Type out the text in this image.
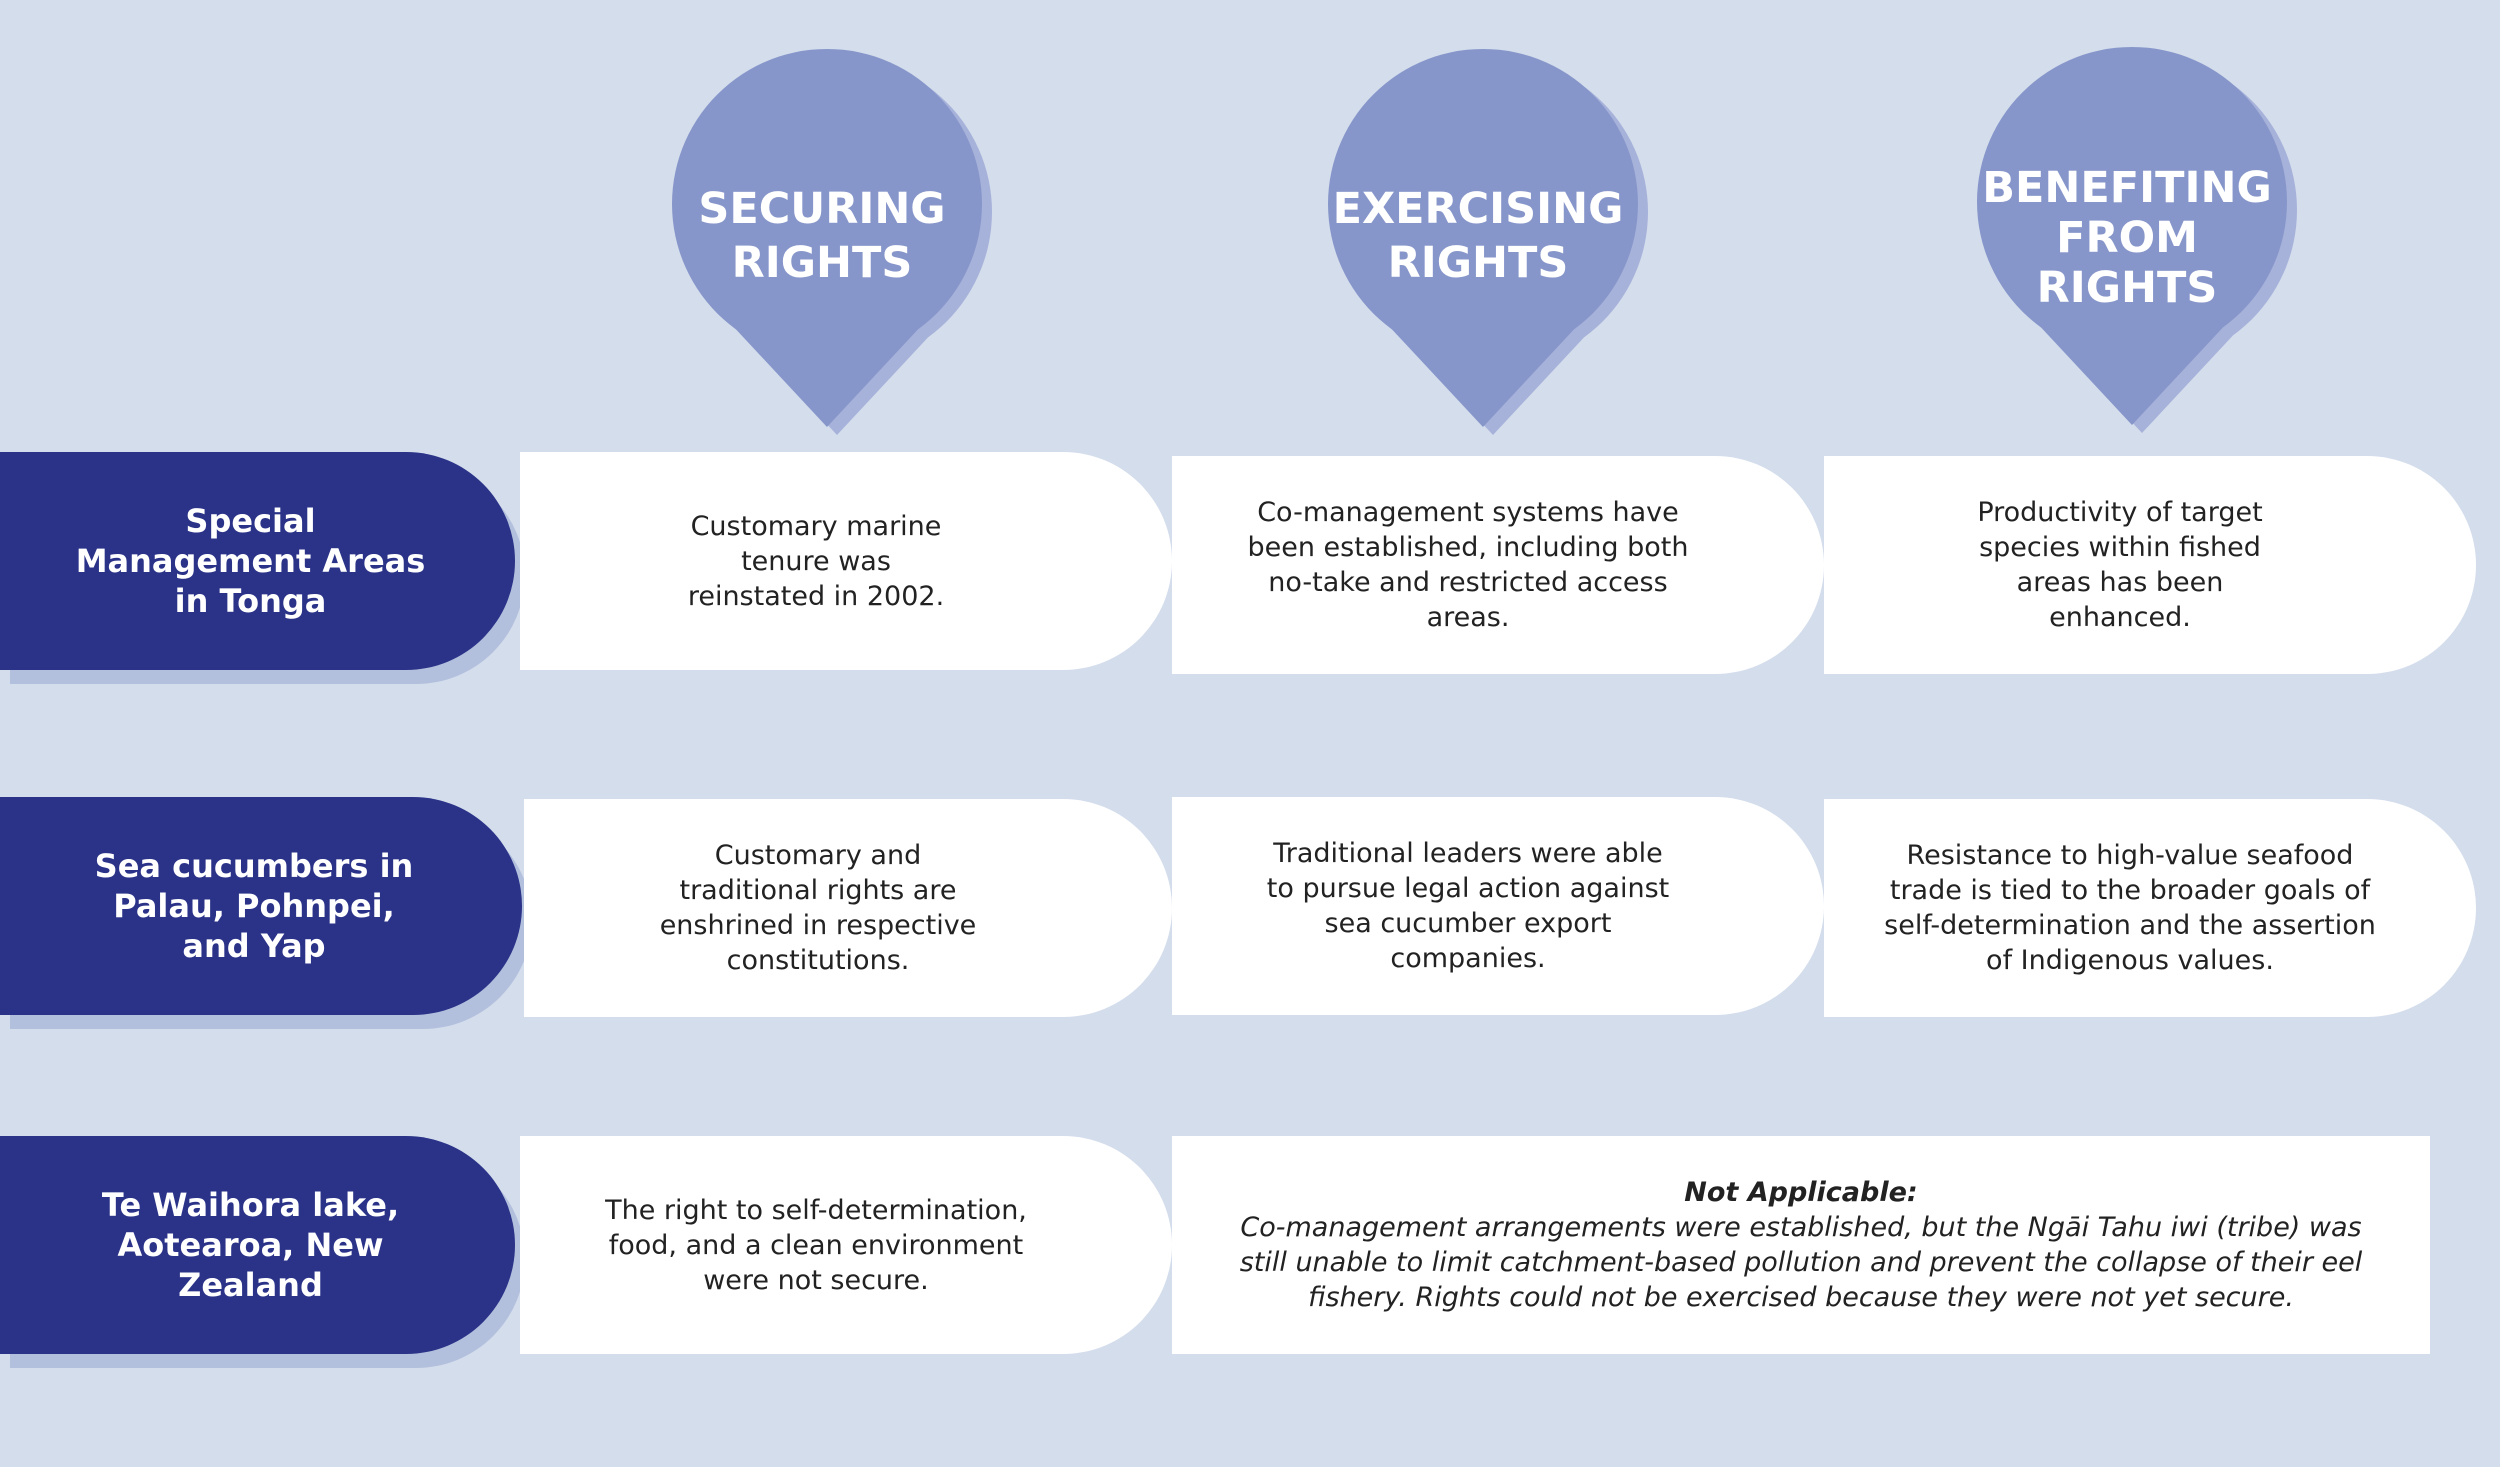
SECURING
RIGHTS
EXERCISING
RIGHTS
BENEFITING
FROM
RIGHTS
Special
Management Areas
in Tonga
Customary marine
tenure was
reinstated in 2002.
Co-management systems have
been established, including both
no-take and restricted access
areas.
Productivity of target
species within fished
areas has been
enhanced.
Sea cucumbers in
Palau, Pohnpei,
and Yap
Customary and
traditional rights are
enshrined in respective
constitutions.
Traditional leaders were able
to pursue legal action against
sea cucumber export
companies.
Resistance to high-value seafood
trade is tied to the broader goals of
self-determination and the assertion
of Indigenous values.
Te Waihora lake,
Aotearoa, New
Zealand
The right to self-determination,
food, and a clean environment
were not secure.
Not Applicable:
Co-management arrangements were established, but the Ngāi Tahu iwi (tribe) was
still unable to limit catchment-based pollution and prevent the collapse of their eel
fishery. Rights could not be exercised because they were not yet secure.
